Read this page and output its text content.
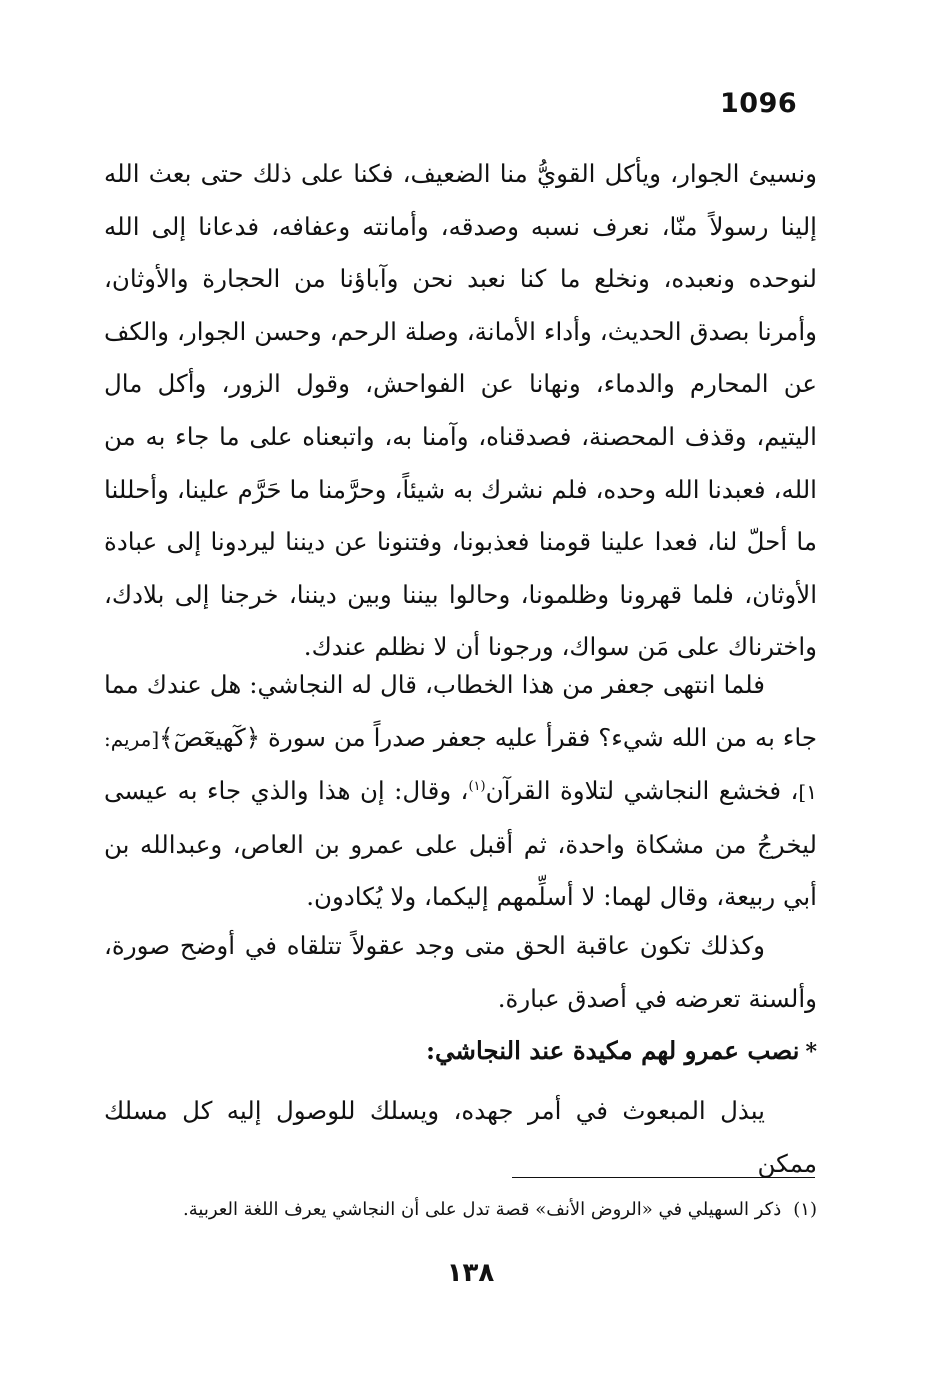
1096

ونسيئ الجوار، ويأكل القويُّ منا الضعيف، فكنا على ذلك حتى بعث الله إلينا رسولاً منّا، نعرف نسبه وصدقه، وأمانته وعفافه، فدعانا إلى الله لنوحده ونعبده، ونخلع ما كنا نعبد نحن وآباؤنا من الحجارة والأوثان، وأمرنا بصدق الحديث، وأداء الأمانة، وصلة الرحم، وحسن الجوار، والكف عن المحارم والدماء، ونهانا عن الفواحش، وقول الزور، وأكل مال اليتيم، وقذف المحصنة، فصدقناه، وآمنا به، واتبعناه على ما جاء به من الله، فعبدنا الله وحده، فلم نشرك به شيئاً، وحرَّمنا ما حَرَّم علينا، وأحللنا ما أحلّ لنا، فعدا علينا قومنا فعذبونا، وفتنونا عن ديننا ليردونا إلى عبادة الأوثان، فلما قهرونا وظلمونا، وحالوا بيننا وبين ديننا، خرجنا إلى بلادك، واخترناك على مَن سواك، ورجونا أن لا نظلم عندك.

فلما انتهى جعفر من هذا الخطاب، قال له النجاشي: هل عندك مما جاء به من الله شيء؟ فقرأ عليه جعفر صدراً من سورة ﴿كٓهيعٓصٓ﴾[مريم: ١]، فخشع النجاشي لتلاوة القرآن$^{(١)}$، وقال: إن هذا والذي جاء به عيسى ليخرجُ من مشكاة واحدة، ثم أقبل على عمرو بن العاص، وعبدالله بن أبي ربيعة، وقال لهما: لا أسلِّمهم إليكما، ولا يُكادون.

وكذلك تكون عاقبة الحق متى وجد عقولاً تتلقاه في أوضح صورة، وألسنة تعرضه في أصدق عبارة.

*نصب عمرو لهم مكيدة عند النجاشي:

يبذل المبعوث في أمر جهده، ويسلك للوصول إليه كل مسلك ممكن

(١)ذكر السهيلي في «الروض الأنف» قصة تدل على أن النجاشي يعرف اللغة العربية.
١٣٨
